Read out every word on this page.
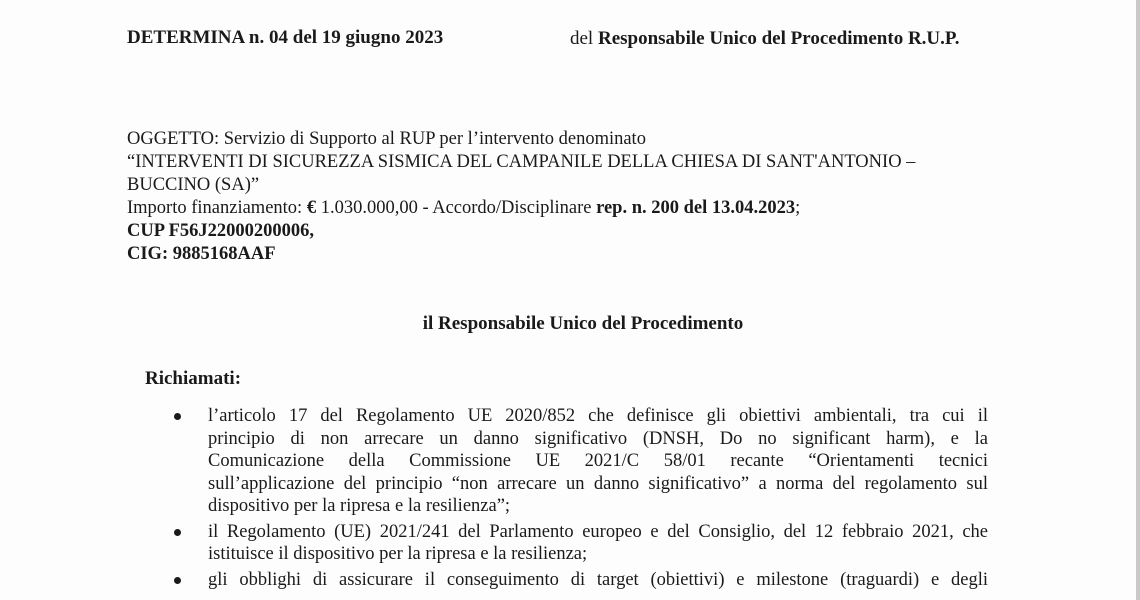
DETERMINA n. 04 del 19 giugno 2023	del Responsabile Unico del Procedimento R.U.P.
OGGETTO: Servizio di Supporto al RUP per l’intervento denominato
“INTERVENTI DI SICUREZZA SISMICA DEL CAMPANILE DELLA CHIESA DI SANT'ANTONIO –
BUCCINO (SA)”
Importo finanziamento: € 1.030.000,00 - Accordo/Disciplinare rep. n. 200 del 13.04.2023;
CUP F56J22000200006,
CIG: 9885168AAF
il Responsabile Unico del Procedimento
Richiamati:
l’articolo 17 del Regolamento UE 2020/852 che definisce gli obiettivi ambientali, tra cui il
principio di non arrecare un danno significativo (DNSH, Do no significant harm), e la
Comunicazione della Commissione UE 2021/C 58/01 recante “Orientamenti tecnici
sull’applicazione del principio “non arrecare un danno significativo” a norma del regolamento sul
dispositivo per la ripresa e la resilienza”;
il Regolamento (UE) 2021/241 del Parlamento europeo e del Consiglio, del 12 febbraio 2021, che
istituisce il dispositivo per la ripresa e la resilienza;
gli obblighi di assicurare il conseguimento di target (obiettivi) e milestone (traguardi) e degli
